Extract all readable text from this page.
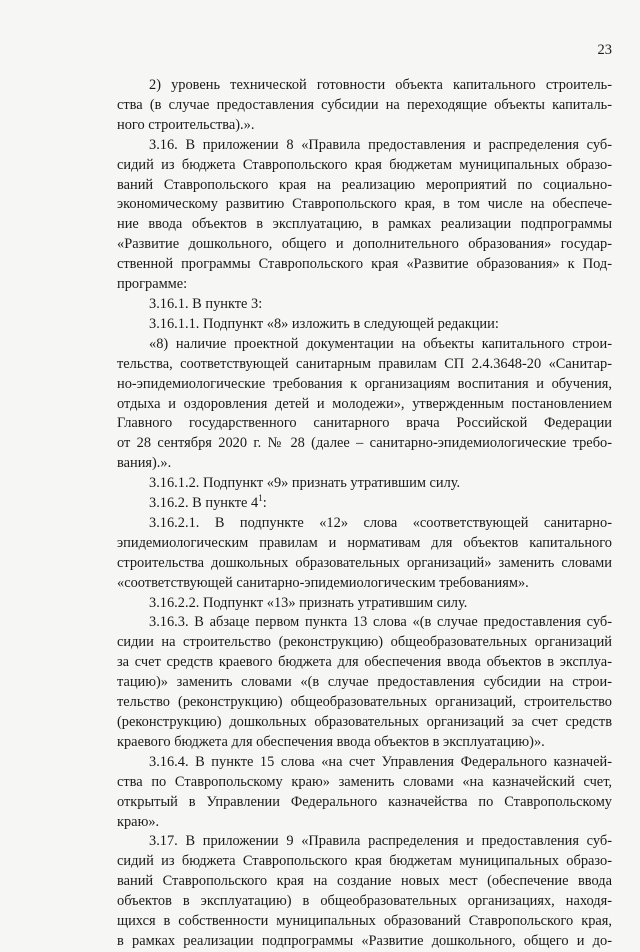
23
2) уровень технической готовности объекта капитального строитель-
ства (в случае предоставления субсидии на переходящие объекты капиталь-
ного строительства).».
3.16. В приложении 8 «Правила предоставления и распределения суб-
сидий из бюджета Ставропольского края бюджетам муниципальных образо-
ваний Ставропольского края на реализацию мероприятий по социально-
экономическому развитию Ставропольского края, в том числе на обеспече-
ние ввода объектов в эксплуатацию, в рамках реализации подпрограммы
«Развитие дошкольного, общего и дополнительного образования» государ-
ственной программы Ставропольского края «Развитие образования» к Под-
программе:
3.16.1. В пункте 3:
3.16.1.1. Подпункт «8» изложить в следующей редакции:
«8) наличие проектной документации на объекты капитального строи-
тельства, соответствующей санитарным правилам СП 2.4.3648-20 «Санитар-
но-эпидемиологические требования к организациям воспитания и обучения,
отдыха и оздоровления детей и молодежи», утвержденным постановлением
Главного государственного санитарного врача Российской Федерации
от 28 сентября 2020 г. № 28 (далее – санитарно-эпидемиологические требо-
вания).».
3.16.1.2. Подпункт «9» признать утратившим силу.
3.16.2. В пункте $4^1$:
3.16.2.1. В подпункте «12» слова «соответствующей санитарно-
эпидемиологическим правилам и нормативам для объектов капитального
строительства дошкольных образовательных организаций» заменить словами
«соответствующей санитарно-эпидемиологическим требованиям».
3.16.2.2. Подпункт «13» признать утратившим силу.
3.16.3. В абзаце первом пункта 13 слова «(в случае предоставления суб-
сидии на строительство (реконструкцию) общеобразовательных организаций
за счет средств краевого бюджета для обеспечения ввода объектов в эксплуа-
тацию)» заменить словами «(в случае предоставления субсидии на строи-
тельство (реконструкцию) общеобразовательных организаций, строительство
(реконструкцию) дошкольных образовательных организаций за счет средств
краевого бюджета для обеспечения ввода объектов в эксплуатацию)».
3.16.4. В пункте 15 слова «на счет Управления Федерального казначей-
ства по Ставропольскому краю» заменить словами «на казначейский счет,
открытый в Управлении Федерального казначейства по Ставропольскому
краю».
3.17. В приложении 9 «Правила распределения и предоставления суб-
сидий из бюджета Ставропольского края бюджетам муниципальных образо-
ваний Ставропольского края на создание новых мест (обеспечение ввода
объектов в эксплуатацию) в общеобразовательных организациях, находя-
щихся в собственности муниципальных образований Ставропольского края,
в рамках реализации подпрограммы «Развитие дошкольного, общего и до-
